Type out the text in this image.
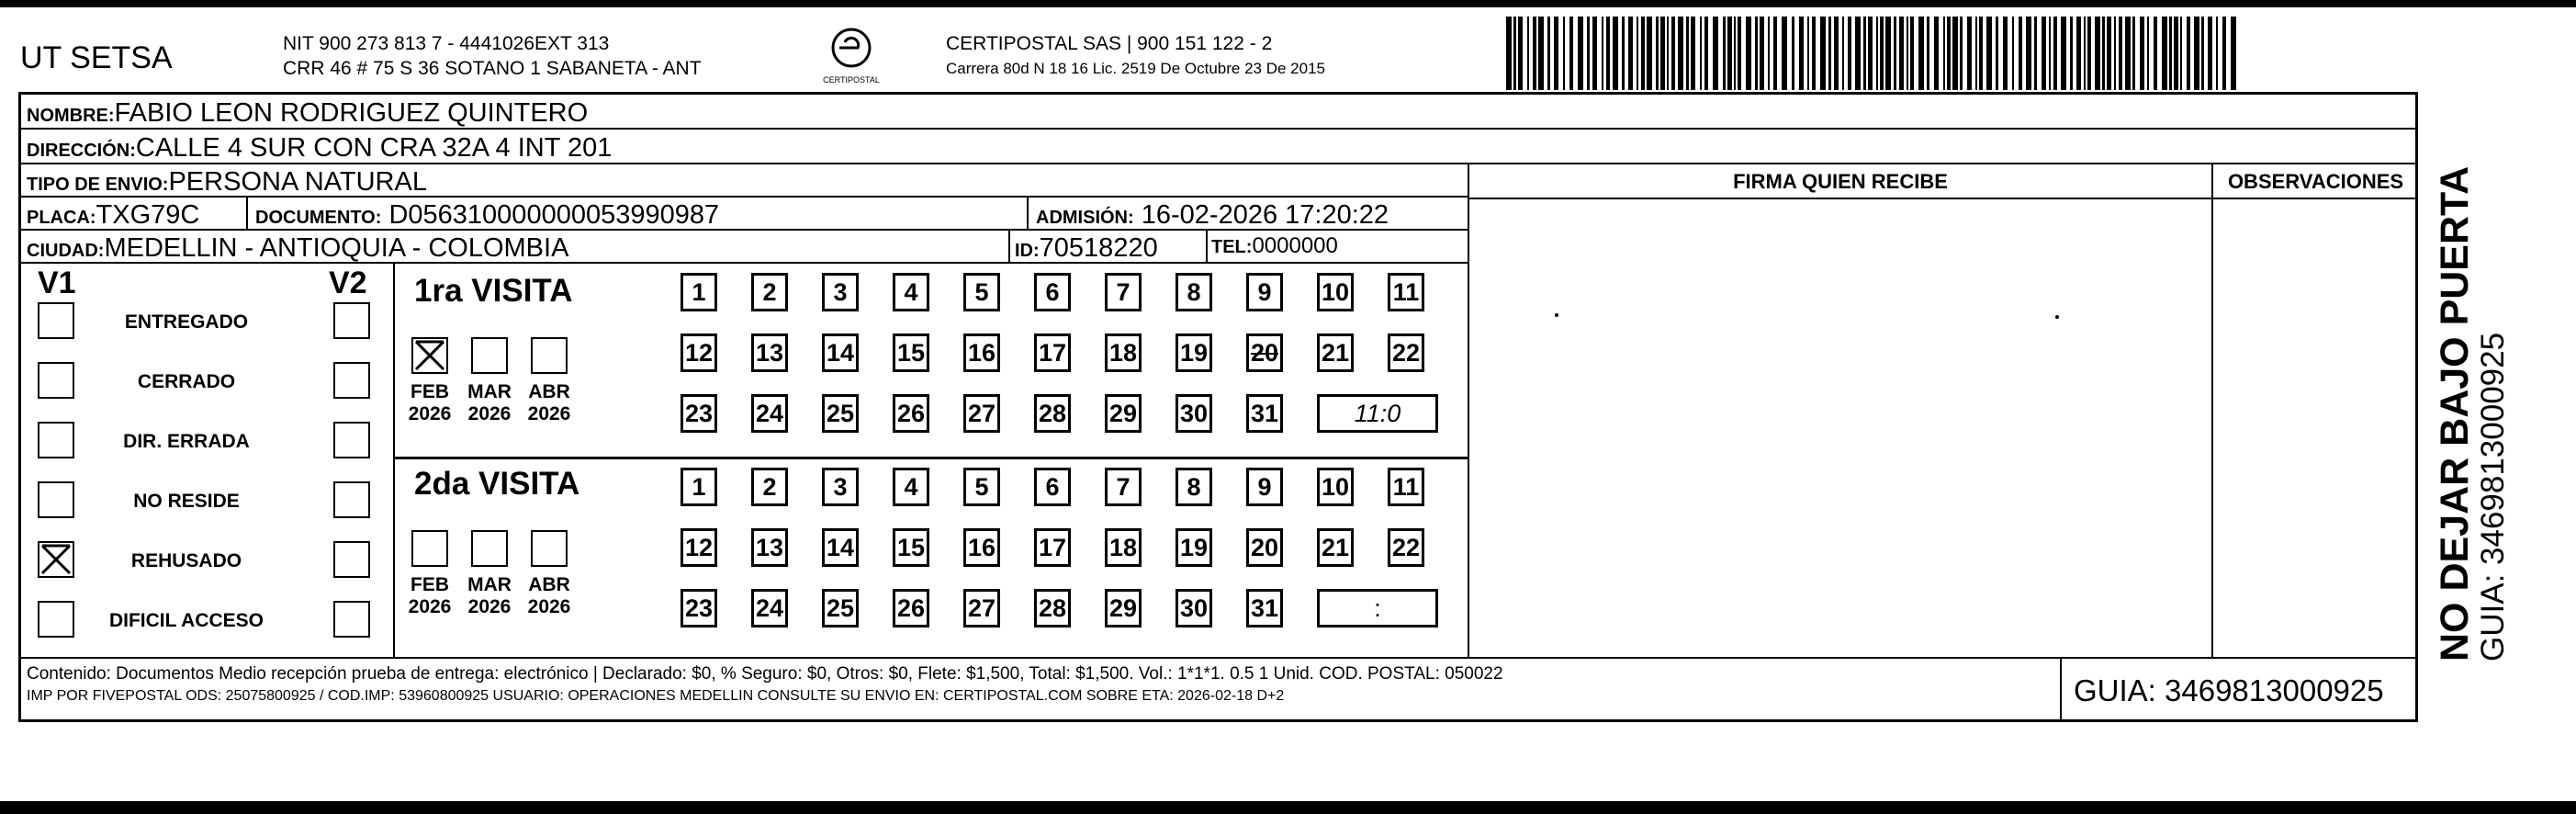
UT SETSA	NIT 900 273 813 7 - 4441026EXT 313
CRR 46 # 75 S 36 SOTANO 1 SABANETA - ANT
CERTIPOSTAL
CERTIPOSTAL SAS | 900 151 122 - 2
Carrera 80d N 18 16 Lic. 2519 De Octubre 23 De 2015
NOMBRE:FABIO LEON RODRIGUEZ QUINTERO
DIRECCIÓN:CALLE 4 SUR CON CRA 32A 4 INT 201
TIPO DE ENVIO:PERSONA NATURAL
PLACA:TXG79C	DOCUMENTO: D056310000000053990987	ADMISIÓN: 16-02-2026 17:20:22
CIUDAD:MEDELLIN - ANTIOQUIA - COLOMBIA	ID:70518220	TEL:0000000
FIRMA QUIEN RECIBE	OBSERVACIONES
V1	V2
ENTREGADO
CERRADO
DIR. ERRADA
NO RESIDE
REHUSADO
DIFICIL ACCESO
1ra VISITA
FEB
2026
MAR
2026
ABR
2026
1	2	3	4	5	6	7	8	9	10 11
12 13 14 15 16 17 18 19 20 21 22
23 24 25 26 27 28 29 30 31	11:0
2da VISITA
FEB
2026
MAR
2026
ABR
2026
1	2	3	4	5	6	7	8	9	10 11
12 13 14 15 16 17 18 19 20 21 22
23 24 25 26 27 28 29 30 31	:
Contenido: Documentos Medio recepción prueba de entrega: electrónico | Declarado: $0, % Seguro: $0, Otros: $0, Flete: $1,500, Total: $1,500. Vol.: 1*1*1. 0.5 1 Unid. COD. POSTAL: 050022
IMP POR FIVEPOSTAL ODS: 25075800925 / COD.IMP: 53960800925 USUARIO: OPERACIONES MEDELLIN CONSULTE SU ENVIO EN: CERTIPOSTAL.COM SOBRE ETA: 2026-02-18 D+2	GUIA: 3469813000925
NO DEJAR BAJO PUERTA
GUIA: 3469813000925
